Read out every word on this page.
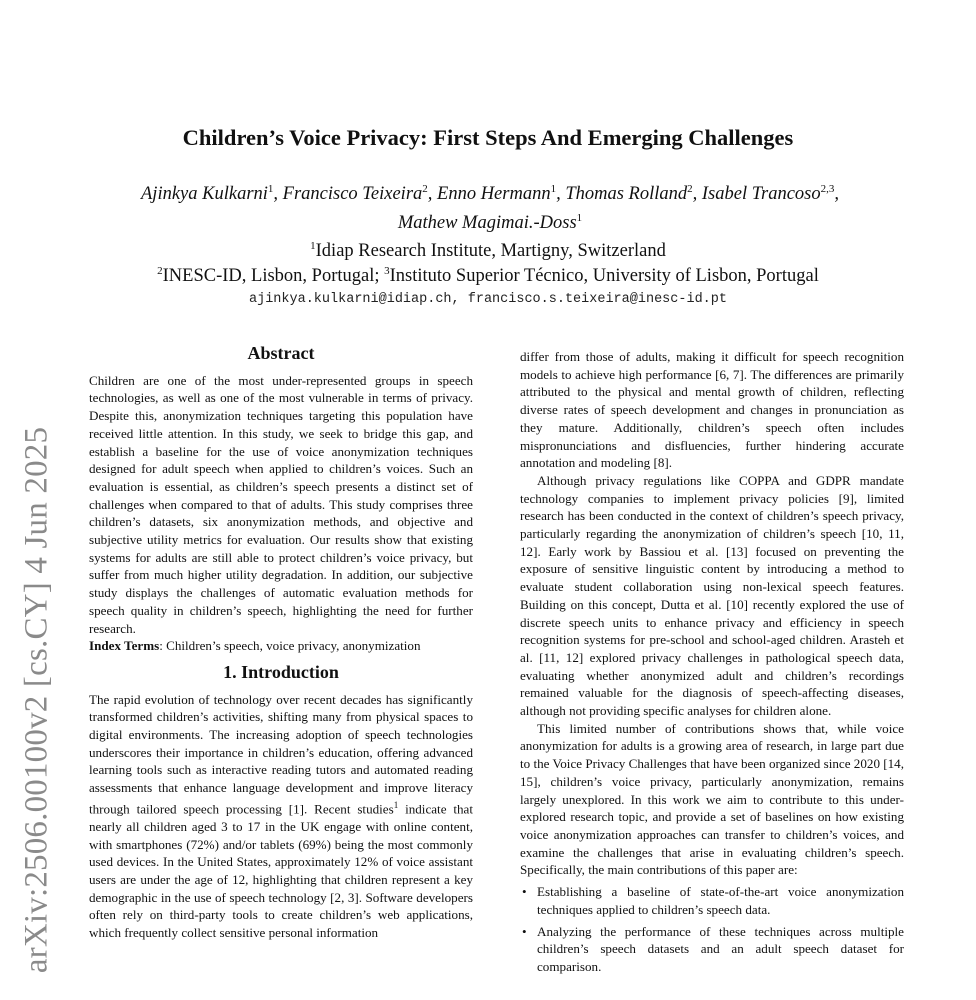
arXiv:2506.00100v2 [cs.CY] 4 Jun 2025
Children’s Voice Privacy: First Steps And Emerging Challenges
Ajinkya Kulkarni$^1$, Francisco Teixeira$^2$, Enno Hermann$^1$, Thomas Rolland$^2$, Isabel Trancoso$^{2,3}$,
Mathew Magimai.-Doss$^1$
$^1$Idiap Research Institute, Martigny, Switzerland
$^2$INESC-ID, Lisbon, Portugal; $^3$Instituto Superior Técnico, University of Lisbon, Portugal
ajinkya.kulkarni@idiap.ch, francisco.s.teixeira@inesc-id.pt
Abstract

Children are one of the most under-represented groups in speech technologies, as well as one of the most vulnerable in terms of privacy. Despite this, anonymization techniques targeting this population have received little attention. In this study, we seek to bridge this gap, and establish a baseline for the use of voice anonymization techniques designed for adult speech when applied to children’s voices. Such an evaluation is essential, as children’s speech presents a distinct set of challenges when compared to that of adults. This study comprises three children’s datasets, six anonymization methods, and objective and subjective utility metrics for evaluation. Our results show that existing systems for adults are still able to protect children’s voice privacy, but suffer from much higher utility degradation. In addition, our subjective study displays the challenges of automatic evaluation methods for speech quality in children’s speech, highlighting the need for further research.

Index Terms: Children’s speech, voice privacy, anonymization

1. Introduction

The rapid evolution of technology over recent decades has significantly transformed children’s activities, shifting many from physical spaces to digital environments. The increasing adoption of speech technologies underscores their importance in children’s education, offering advanced learning tools such as interactive reading tutors and automated reading assessments that enhance language development and improve literacy through tailored speech processing [1]. Recent studies$^1$ indicate that nearly all children aged 3 to 17 in the UK engage with online content, with smartphones (72%) and/or tablets (69%) being the most commonly used devices. In the United States, approximately 12% of voice assistant users are under the age of 12, highlighting that children represent a key demographic in the use of speech technology [2, 3]. Software developers often rely on third-party tools to create children’s web applications, which frequently collect sensitive personal information

differ from those of adults, making it difficult for speech recognition models to achieve high performance [6, 7]. The differences are primarily attributed to the physical and mental growth of children, reflecting diverse rates of speech development and changes in pronunciation as they mature. Additionally, children’s speech often includes mispronunciations and disfluencies, further hindering accurate annotation and modeling [8].

Although privacy regulations like COPPA and GDPR mandate technology companies to implement privacy policies [9], limited research has been conducted in the context of children’s speech privacy, particularly regarding the anonymization of children’s speech [10, 11, 12]. Early work by Bassiou et al. [13] focused on preventing the exposure of sensitive linguistic content by introducing a method to evaluate student collaboration using non-lexical speech features. Building on this concept, Dutta et al. [10] recently explored the use of discrete speech units to enhance privacy and efficiency in speech recognition systems for pre-school and school-aged children. Arasteh et al. [11, 12] explored privacy challenges in pathological speech data, evaluating whether anonymized adult and children’s recordings remained valuable for the diagnosis of speech-affecting diseases, although not providing specific analyses for children alone.

This limited number of contributions shows that, while voice anonymization for adults is a growing area of research, in large part due to the Voice Privacy Challenges that have been organized since 2020 [14, 15], children’s voice privacy, particularly anonymization, remains largely unexplored. In this work we aim to contribute to this under-explored research topic, and provide a set of baselines on how existing voice anonymization approaches can transfer to children’s voices, and examine the challenges that arise in evaluating children’s speech. Specifically, the main contributions of this paper are:

• Establishing a baseline of state-of-the-art voice anonymization techniques applied to children’s speech data.
• Analyzing the performance of these techniques across multiple children’s speech datasets and an adult speech dataset for comparison.
